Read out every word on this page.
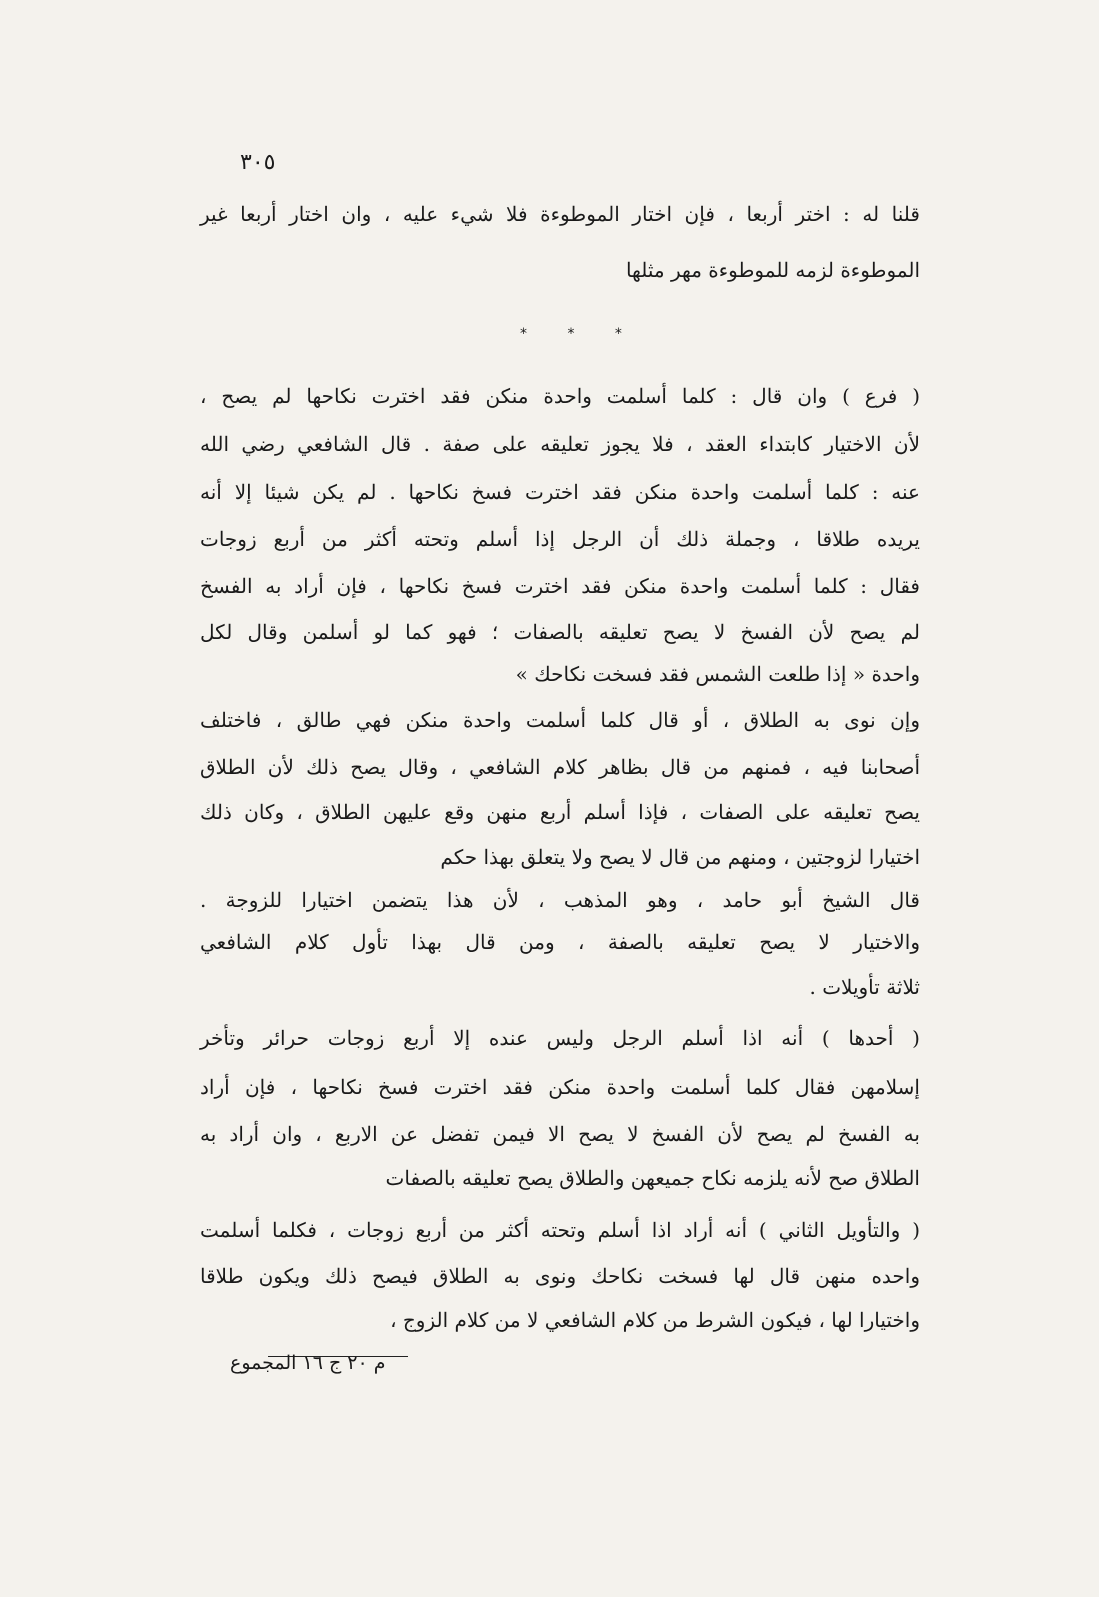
٣٠٥
قلنا له : اختر أربعا ، فإن اختار الموطوءة فلا شيء عليه ، وان اختار أربعا غير
الموطوءة لزمه للموطوءة مهر مثلها
* * *
( فرع ) وان قال : كلما أسلمت واحدة منكن فقد اخترت نكاحها لم يصح ،
لأن الاختيار كابتداء العقد ، فلا يجوز تعليقه على صفة . قال الشافعي رضي الله
عنه : كلما أسلمت واحدة منكن فقد اخترت فسخ نكاحها . لم يكن شيئا إلا أنه
يريده طلاقا ، وجملة ذلك أن الرجل إذا أسلم وتحته أكثر من أربع زوجات
فقال : كلما أسلمت واحدة منكن فقد اخترت فسخ نكاحها ، فإن أراد به الفسخ
لم يصح لأن الفسخ لا يصح تعليقه بالصفات ؛ فهو كما لو أسلمن وقال لكل
واحدة « إذا طلعت الشمس فقد فسخت نكاحك »
وإن نوى به الطلاق ، أو قال كلما أسلمت واحدة منكن فهي طالق ، فاختلف
أصحابنا فيه ، فمنهم من قال بظاهر كلام الشافعي ، وقال يصح ذلك لأن الطلاق
يصح تعليقه على الصفات ، فإذا أسلم أربع منهن وقع عليهن الطلاق ، وكان ذلك
اختيارا لزوجتين ، ومنهم من قال لا يصح ولا يتعلق بهذا حكم
قال الشيخ أبو حامد ، وهو المذهب ، لأن هذا يتضمن اختيارا للزوجة .
والاختيار لا يصح تعليقه بالصفة ، ومن قال بهذا تأول كلام الشافعي
ثلاثة تأويلات .
( أحدها ) أنه اذا أسلم الرجل وليس عنده إلا أربع زوجات حرائر وتأخر
إسلامهن فقال كلما أسلمت واحدة منكن فقد اخترت فسخ نكاحها ، فإن أراد
به الفسخ لم يصح لأن الفسخ لا يصح الا فيمن تفضل عن الاربع ، وان أراد به
الطلاق صح لأنه يلزمه نكاح جميعهن والطلاق يصح تعليقه بالصفات
( والتأويل الثاني ) أنه أراد اذا أسلم وتحته أكثر من أربع زوجات ، فكلما أسلمت
واحده منهن قال لها فسخت نكاحك ونوى به الطلاق فيصح ذلك ويكون طلاقا
واختيارا لها ، فيكون الشرط من كلام الشافعي لا من كلام الزوج ،
م ٢٠ ج ١٦ المجموع
